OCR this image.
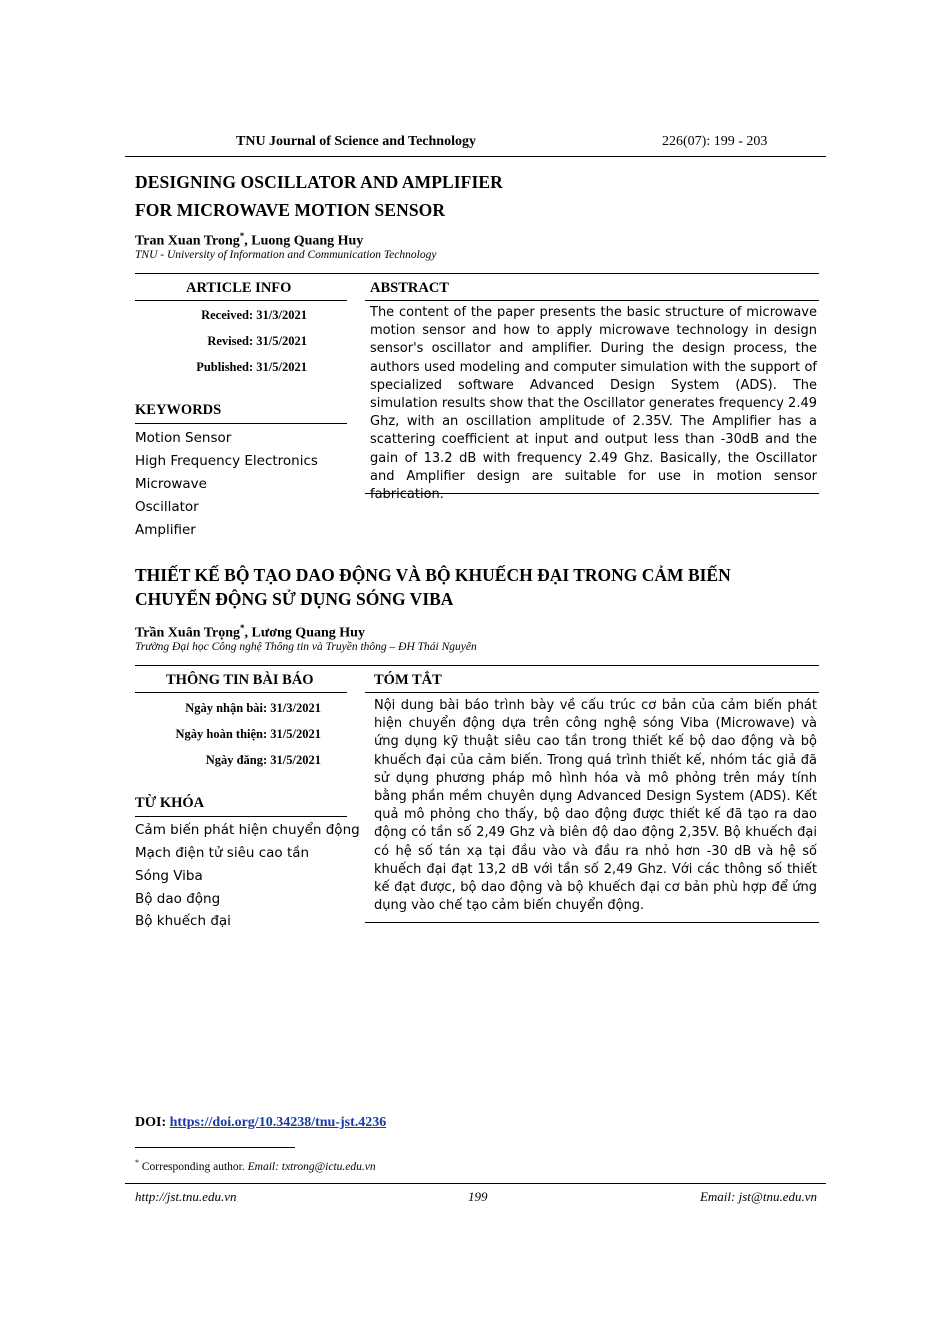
TNU Journal of Science and Technology	226(07): 199 - 203
DESIGNING OSCILLATOR AND AMPLIFIER
FOR MICROWAVE MOTION SENSOR
Tran Xuan Trong*, Luong Quang Huy
TNU - University of Information and Communication Technology
ARTICLE INFO	ABSTRACT
Received: 31/3/2021
Revised: 31/5/2021
Published: 31/5/2021
KEYWORDS
Motion Sensor
High Frequency Electronics
Microwave
Oscillator
Amplifier
The content of the paper presents the basic structure of microwave motion sensor and how to apply microwave technology in design sensor's oscillator and amplifier. During the design process, the authors used modeling and computer simulation with the support of specialized software Advanced Design System (ADS). The simulation results show that the Oscillator generates frequency 2.49 Ghz, with an oscillation amplitude of 2.35V. The Amplifier has a scattering coefficient at input and output less than -30dB and the gain of 13.2 dB with frequency 2.49 Ghz. Basically, the Oscillator and Amplifier design are suitable for use in motion sensor fabrication.
THIẾT KẾ BỘ TẠO DAO ĐỘNG VÀ BỘ KHUẾCH ĐẠI TRONG CẢM BIẾN
CHUYỂN ĐỘNG SỬ DỤNG SÓNG VIBA
Trần Xuân Trọng*, Lương Quang Huy
Trường Đại học Công nghệ Thông tin và Truyền thông – ĐH Thái Nguyên
THÔNG TIN BÀI BÁO	TÓM TẮT
Ngày nhận bài: 31/3/2021
Ngày hoàn thiện: 31/5/2021
Ngày đăng: 31/5/2021
TỪ KHÓA
Cảm biến phát hiện chuyển động
Mạch điện tử siêu cao tần
Sóng Viba
Bộ dao động
Bộ khuếch đại
Nội dung bài báo trình bày về cấu trúc cơ bản của cảm biến phát hiện chuyển động dựa trên công nghệ sóng Viba (Microwave) và ứng dụng kỹ thuật siêu cao tần trong thiết kế bộ dao động và bộ khuếch đại của cảm biến. Trong quá trình thiết kế, nhóm tác giả đã sử dụng phương pháp mô hình hóa và mô phỏng trên máy tính bằng phần mềm chuyên dụng Advanced Design System (ADS). Kết quả mô phỏng cho thấy, bộ dao động được thiết kế đã tạo ra dao động có tần số 2,49 Ghz và biên độ dao động 2,35V. Bộ khuếch đại có hệ số tán xạ tại đầu vào và đầu ra nhỏ hơn -30 dB và hệ số khuếch đại đạt 13,2 dB với tần số 2,49 Ghz. Với các thông số thiết kế đạt được, bộ dao động và bộ khuếch đại cơ bản phù hợp để ứng dụng vào chế tạo cảm biến chuyển động.
DOI: https://doi.org/10.34238/tnu-jst.4236
* Corresponding author. Email: txtrong@ictu.edu.vn
http://jst.tnu.edu.vn	199	Email: jst@tnu.edu.vn
